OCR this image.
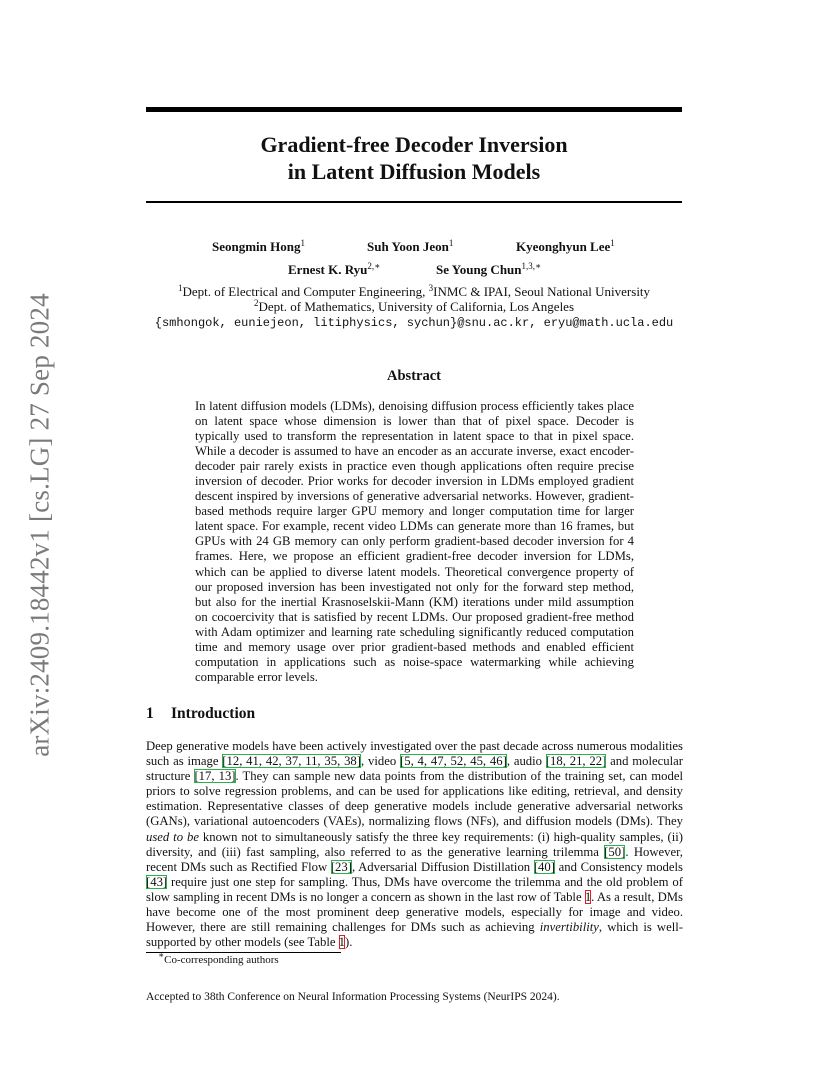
arXiv:2409.18442v1 [cs.LG] 27 Sep 2024
Gradient-free Decoder Inversion
in Latent Diffusion Models
Seongmin Hong$^1$	Suh Yoon Jeon$^1$	Kyeonghyun Lee$^1$
Ernest K. Ryu$^{2,∗}$	Se Young Chun$^{1,3,∗}$
$^1$Dept. of Electrical and Computer Engineering, $^3$INMC & IPAI, Seoul National University
$^2$Dept. of Mathematics, University of California, Los Angeles
{smhongok, euniejeon, litiphysics, sychun}@snu.ac.kr, eryu@math.ucla.edu
Abstract
In latent diffusion models (LDMs), denoising diffusion process efficiently takes place on latent space whose dimension is lower than that of pixel space. Decoder is typically used to transform the representation in latent space to that in pixel space. While a decoder is assumed to have an encoder as an accurate inverse, exact encoder-decoder pair rarely exists in practice even though applications often require precise inversion of decoder. Prior works for decoder inversion in LDMs employed gradient descent inspired by inversions of generative adversarial networks. However, gradient-based methods require larger GPU memory and longer computation time for larger latent space. For example, recent video LDMs can generate more than 16 frames, but GPUs with 24 GB memory can only perform gradient-based decoder inversion for 4 frames. Here, we propose an efficient gradient-free decoder inversion for LDMs, which can be applied to diverse latent models. Theoretical convergence property of our proposed inversion has been investigated not only for the forward step method, but also for the inertial Krasnoselskii-Mann (KM) iterations under mild assumption on cocoercivity that is satisfied by recent LDMs. Our proposed gradient-free method with Adam optimizer and learning rate scheduling significantly reduced computation time and memory usage over prior gradient-based methods and enabled efficient computation in applications such as noise-space watermarking while achieving comparable error levels.
1 Introduction
Deep generative models have been actively investigated over the past decade across numerous modalities such as image [12, 41, 42, 37, 11, 35, 38], video [5, 4, 47, 52, 45, 46], audio [18, 21, 22] and molecular structure [17, 13]. They can sample new data points from the distribution of the training set, can model priors to solve regression problems, and can be used for applications like editing, retrieval, and density estimation. Representative classes of deep generative models include generative adversarial networks (GANs), variational autoencoders (VAEs), normalizing flows (NFs), and diffusion models (DMs). They used to be known not to simultaneously satisfy the three key requirements: (i) high-quality samples, (ii) diversity, and (iii) fast sampling, also referred to as the generative learning trilemma [50]. However, recent DMs such as Rectified Flow [23], Adversarial Diffusion Distillation [40] and Consistency models [43] require just one step for sampling. Thus, DMs have overcome the trilemma and the old problem of slow sampling in recent DMs is no longer a concern as shown in the last row of Table 1. As a result, DMs have become one of the most prominent deep generative models, especially for image and video. However, there are still remaining challenges for DMs such as achieving invertibility, which is well-supported by other models (see Table 1).
∗Co-corresponding authors
Accepted to 38th Conference on Neural Information Processing Systems (NeurIPS 2024).
